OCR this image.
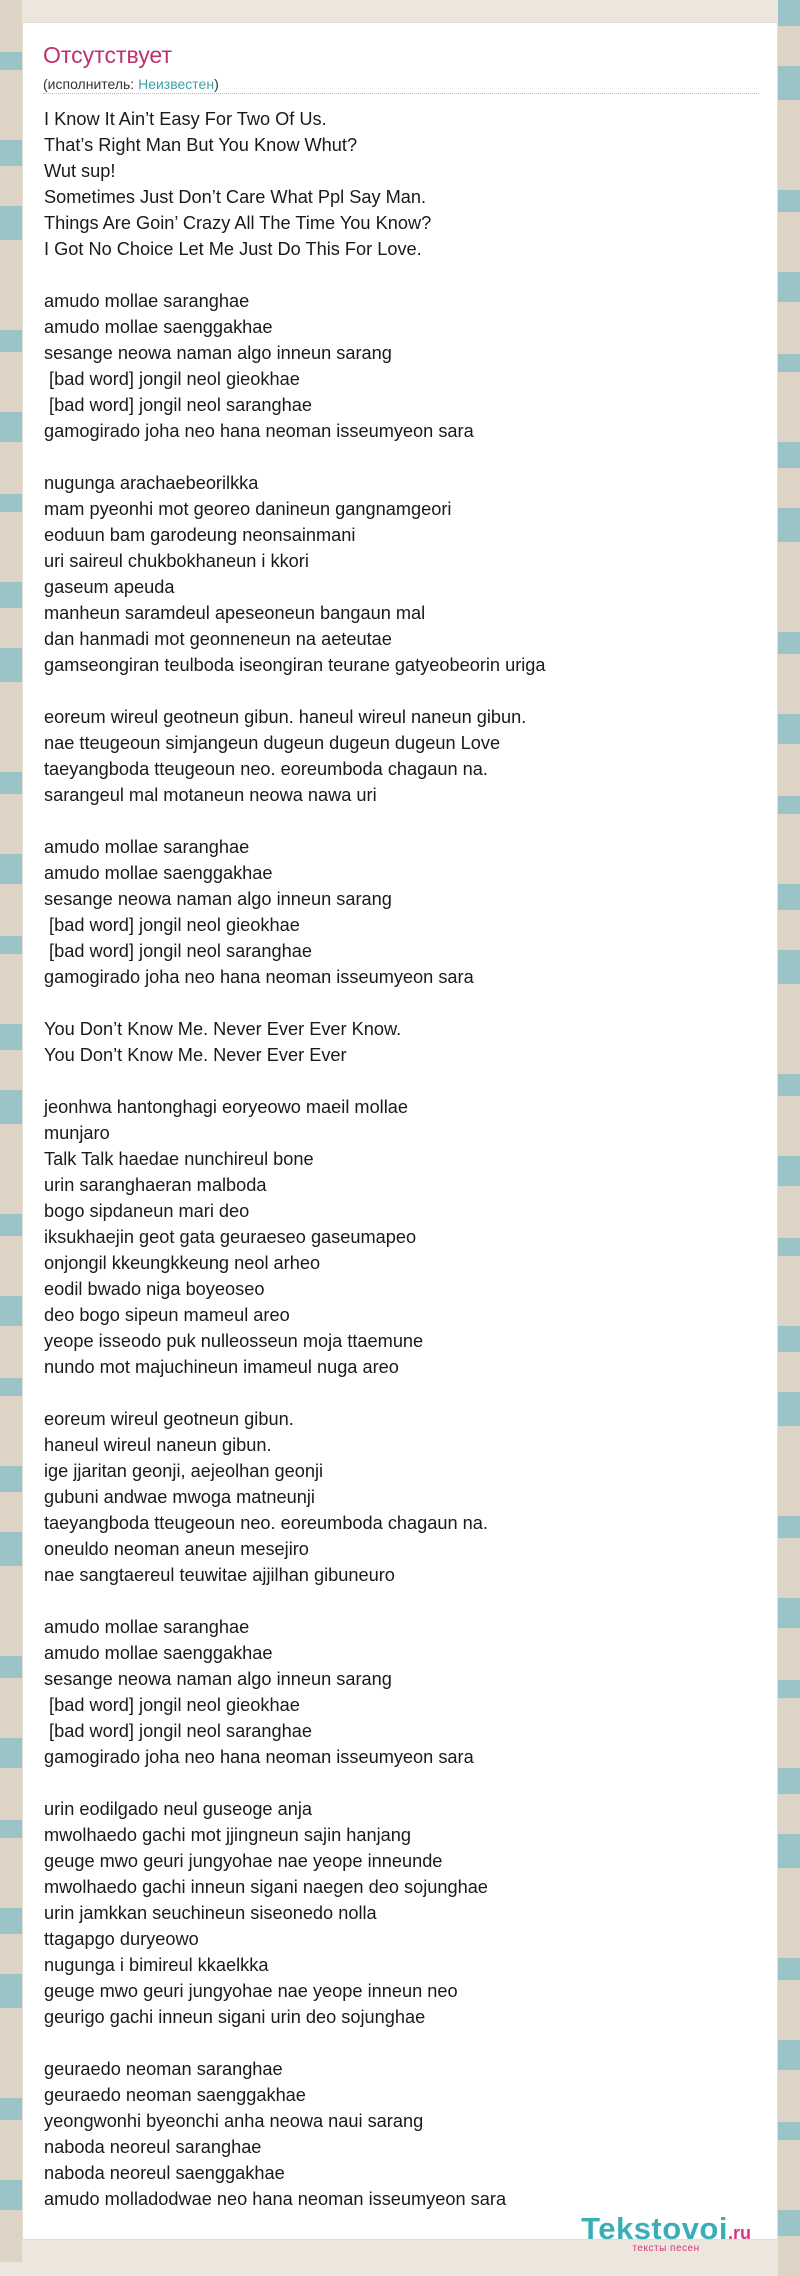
Отсутствует
(исполнитель: Неизвестен)
I Know It Ain’t Easy For Two Of Us.
That’s Right Man But You Know Whut?
Wut sup!
Sometimes Just Don’t Care What Ppl Say Man.
Things Are Goin’ Crazy All The Time You Know?
I Got No Choice Let Me Just Do This For Love.
amudo mollae saranghae
amudo mollae saenggakhae
sesange neowa naman algo inneun sarang
[bad word] jongil neol gieokhae
[bad word] jongil neol saranghae
gamogirado joha neo hana neoman isseumyeon sara
nugunga arachaebeorilkka
mam pyeonhi mot georeo danineun gangnamgeori
eoduun bam garodeung neonsainmani
uri saireul chukbokhaneun i kkori
gaseum apeuda
manheun saramdeul apeseoneun bangaun mal
dan hanmadi mot geonneneun na aeteutae
gamseongiran teulboda iseongiran teurane gatyeobeorin uriga
eoreum wireul geotneun gibun. haneul wireul naneun gibun.
nae tteugeoun simjangeun dugeun dugeun dugeun Love
taeyangboda tteugeoun neo. eoreumboda chagaun na.
sarangeul mal motaneun neowa nawa uri
amudo mollae saranghae
amudo mollae saenggakhae
sesange neowa naman algo inneun sarang
[bad word] jongil neol gieokhae
[bad word] jongil neol saranghae
gamogirado joha neo hana neoman isseumyeon sara
You Don’t Know Me. Never Ever Ever Know.
You Don’t Know Me. Never Ever Ever
jeonhwa hantonghagi eoryeowo maeil mollae
munjaro
Talk Talk haedae nunchireul bone
urin saranghaeran malboda
bogo sipdaneun mari deo
iksukhaejin geot gata geuraeseo gaseumapeo
onjongil kkeungkkeung neol arheo
eodil bwado niga boyeoseo
deo bogo sipeun mameul areo
yeope isseodo puk nulleosseun moja ttaemune
nundo mot majuchineun imameul nuga areo
eoreum wireul geotneun gibun.
haneul wireul naneun gibun.
ige jjaritan geonji, aejeolhan geonji
gubuni andwae mwoga matneunji
taeyangboda tteugeoun neo. eoreumboda chagaun na.
oneuldo neoman aneun mesejiro
nae sangtaereul teuwitae ajjilhan gibuneuro
amudo mollae saranghae
amudo mollae saenggakhae
sesange neowa naman algo inneun sarang
[bad word] jongil neol gieokhae
[bad word] jongil neol saranghae
gamogirado joha neo hana neoman isseumyeon sara
urin eodilgado neul guseoge anja
mwolhaedo gachi mot jjingneun sajin hanjang
geuge mwo geuri jungyohae nae yeope inneunde
mwolhaedo gachi inneun sigani naegen deo sojunghae
urin jamkkan seuchineun siseonedo nolla
ttagapgo duryeowo
nugunga i bimireul kkaelkka
geuge mwo geuri jungyohae nae yeope inneun neo
geurigo gachi inneun sigani urin deo sojunghae
geuraedo neoman saranghae
geuraedo neoman saenggakhae
yeongwonhi byeonchi anha neowa naui sarang
naboda neoreul saranghae
naboda neoreul saenggakhae
amudo molladodwae neo hana neoman isseumyeon sara
Tekstovoi.ru
тексты песен
